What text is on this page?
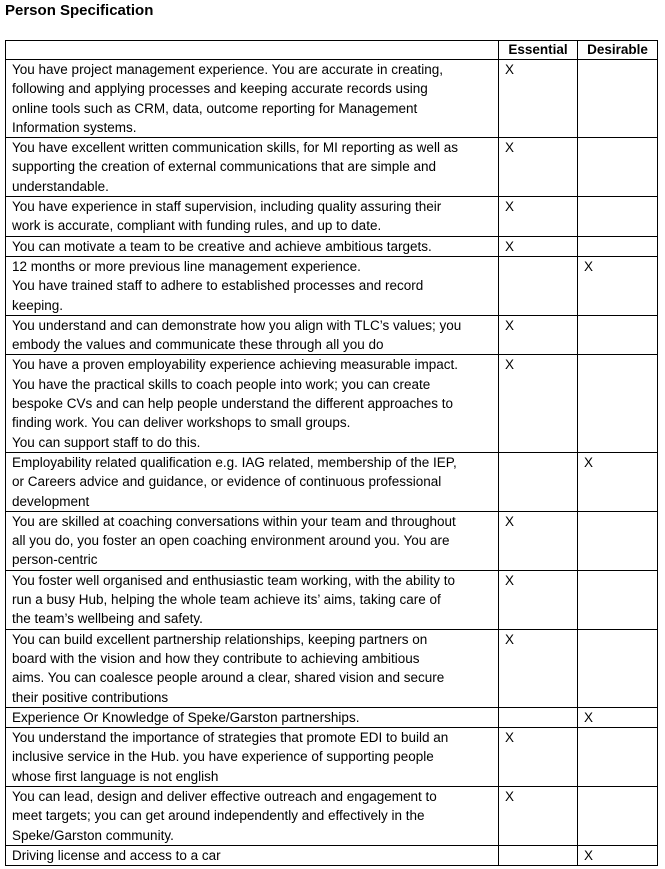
Person Specification
	Essential	Desirable

You have project management experience. You are accurate in creating,
following and applying processes and keeping accurate records using
online tools such as CRM, data, outcome reporting for Management
Information systems.	X	

You have excellent written communication skills, for MI reporting as well as
supporting the creation of external communications that are simple and
understandable.	X	

You have experience in staff supervision, including quality assuring their
work is accurate, compliant with funding rules, and up to date.	X	

You can motivate a team to be creative and achieve ambitious targets.	X	

12 months or more previous line management experience.
You have trained staff to adhere to established processes and record
keeping.		X

You understand and can demonstrate how you align with TLC’s values; you
embody the values and communicate these through all you do	X	

You have a proven employability experience achieving measurable impact.
You have the practical skills to coach people into work; you can create
bespoke CVs and can help people understand the different approaches to
finding work. You can deliver workshops to small groups.
You can support staff to do this.	X	

Employability related qualification e.g. IAG related, membership of the IEP,
or Careers advice and guidance, or evidence of continuous professional
development		X

You are skilled at coaching conversations within your team and throughout
all you do, you foster an open coaching environment around you. You are
person-centric	X	

You foster well organised and enthusiastic team working, with the ability to
run a busy Hub, helping the whole team achieve its’ aims, taking care of
the team’s wellbeing and safety.	X	

You can build excellent partnership relationships, keeping partners on
board with the vision and how they contribute to achieving ambitious
aims. You can coalesce people around a clear, shared vision and secure
their positive contributions	X	

Experience Or Knowledge of Speke/Garston partnerships.		X

You understand the importance of strategies that promote EDI to build an
inclusive service in the Hub. you have experience of supporting people
whose first language is not english	X	

You can lead, design and deliver effective outreach and engagement to
meet targets; you can get around independently and effectively in the
Speke/Garston community.	X	

Driving license and access to a car		X
